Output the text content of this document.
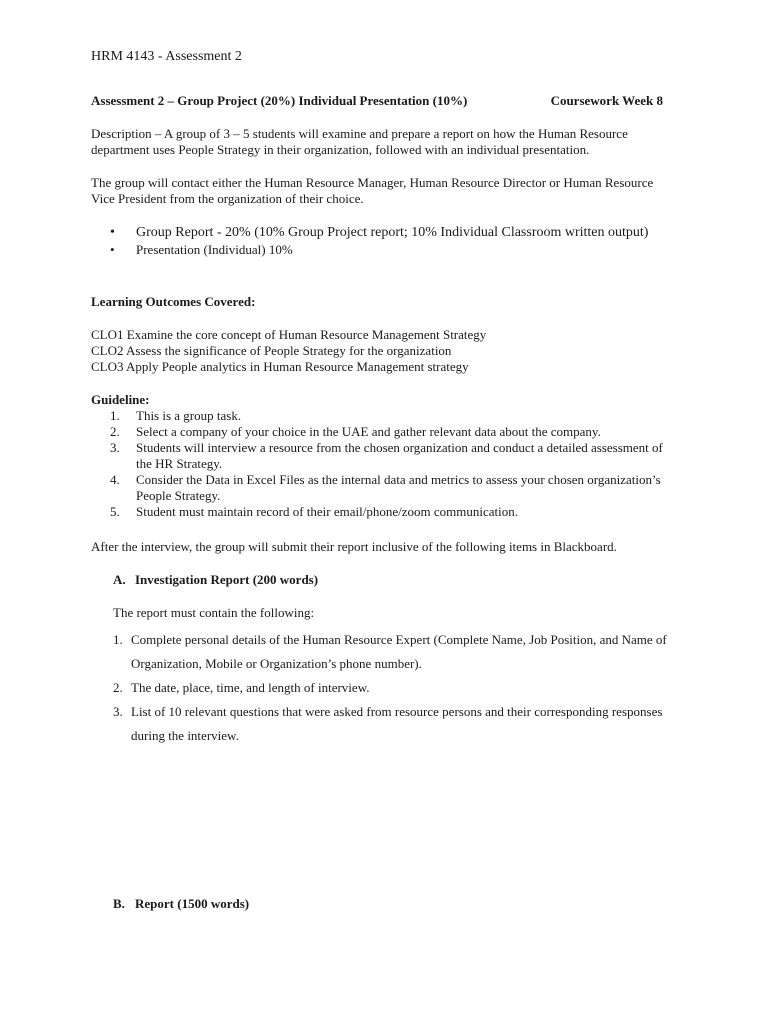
HRM 4143 - Assessment 2
Assessment 2 – Group Project (20%) Individual Presentation (10%)	Coursework Week 8
Description – A group of 3 – 5 students will examine and prepare a report on how the Human Resource department uses People Strategy in their organization, followed with an individual presentation.
The group will contact either the Human Resource Manager, Human Resource Director or Human Resource Vice President from the organization of their choice.
•	Group Report - 20% (10% Group Project report; 10% Individual Classroom written output)
•	Presentation (Individual) 10%
Learning Outcomes Covered:
CLO1 Examine the core concept of Human Resource Management Strategy
CLO2 Assess the significance of People Strategy for the organization
CLO3 Apply People analytics in Human Resource Management strategy
Guideline:
1.	This is a group task.
2.	Select a company of your choice in the UAE and gather relevant data about the company.
3.	Students will interview a resource from the chosen organization and conduct a detailed assessment of the HR Strategy.
4.	Consider the Data in Excel Files as the internal data and metrics to assess your chosen organization’s People Strategy.
5.	Student must maintain record of their email/phone/zoom communication.
After the interview, the group will submit their report inclusive of the following items in Blackboard.
A. Investigation Report (200 words)
The report must contain the following:
1. Complete personal details of the Human Resource Expert (Complete Name, Job Position, and Name of Organization, Mobile or Organization’s phone number).
2. The date, place, time, and length of interview.
3. List of 10 relevant questions that were asked from resource persons and their corresponding responses during the interview.
B. Report (1500 words)
